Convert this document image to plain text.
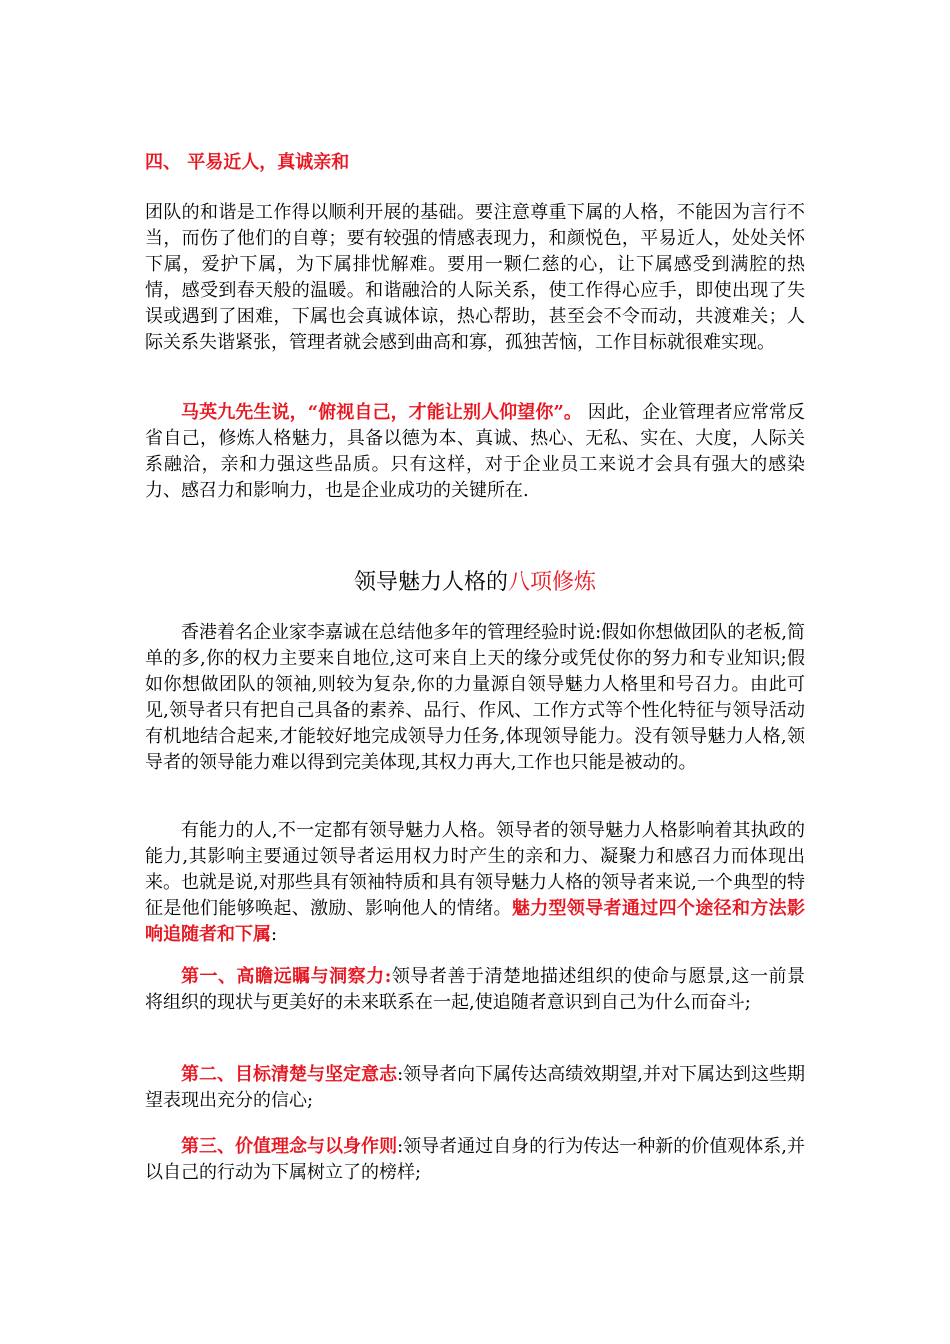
四、 平易近人，真诚亲和

团队的和谐是工作得以顺利开展的基础。要注意尊重下属的人格，不能因为言行不当，而伤了他们的自尊；要有较强的情感表现力，和颜悦色，平易近人，处处关怀下属，爱护下属，为下属排忧解难。要用一颗仁慈的心，让下属感受到满腔的热情，感受到春天般的温暖。和谐融洽的人际关系，使工作得心应手，即使出现了失误或遇到了困难，下属也会真诚体谅，热心帮助，甚至会不令而动，共渡难关；人际关系失谐紧张，管理者就会感到曲高和寡，孤独苦恼，工作目标就很难实现。

马英九先生说，“俯视自己，才能让别人仰望你”。 因此，企业管理者应常常反省自己，修炼人格魅力，具备以德为本、真诚、热心、无私、实在、大度，人际关系融洽，亲和力强这些品质。只有这样，对于企业员工来说才会具有强大的感染力、感召力和影响力，也是企业成功的关键所在.

领导魅力人格的八项修炼

香港着名企业家李嘉诚在总结他多年的管理经验时说:假如你想做团队的老板,简单的多,你的权力主要来自地位,这可来自上天的缘分或凭仗你的努力和专业知识;假如你想做团队的领袖,则较为复杂,你的力量源自领导魅力人格里和号召力。由此可见,领导者只有把自己具备的素养、品行、作风、工作方式等个性化特征与领导活动有机地结合起来,才能较好地完成领导力任务,体现领导能力。没有领导魅力人格,领导者的领导能力难以得到完美体现,其权力再大,工作也只能是被动的。

有能力的人,不一定都有领导魅力人格。领导者的领导魅力人格影响着其执政的能力,其影响主要通过领导者运用权力时产生的亲和力、凝聚力和感召力而体现出来。也就是说,对那些具有领袖特质和具有领导魅力人格的领导者来说,一个典型的特征是他们能够唤起、激励、影响他人的情绪。魅力型领导者通过四个途径和方法影响追随者和下属:

第一、高瞻远瞩与洞察力:领导者善于清楚地描述组织的使命与愿景,这一前景将组织的现状与更美好的未来联系在一起,使追随者意识到自己为什么而奋斗;

第二、目标清楚与坚定意志:领导者向下属传达高绩效期望,并对下属达到这些期望表现出充分的信心;

第三、价值理念与以身作则:领导者通过自身的行为传达一种新的价值观体系,并以自己的行动为下属树立了的榜样;
